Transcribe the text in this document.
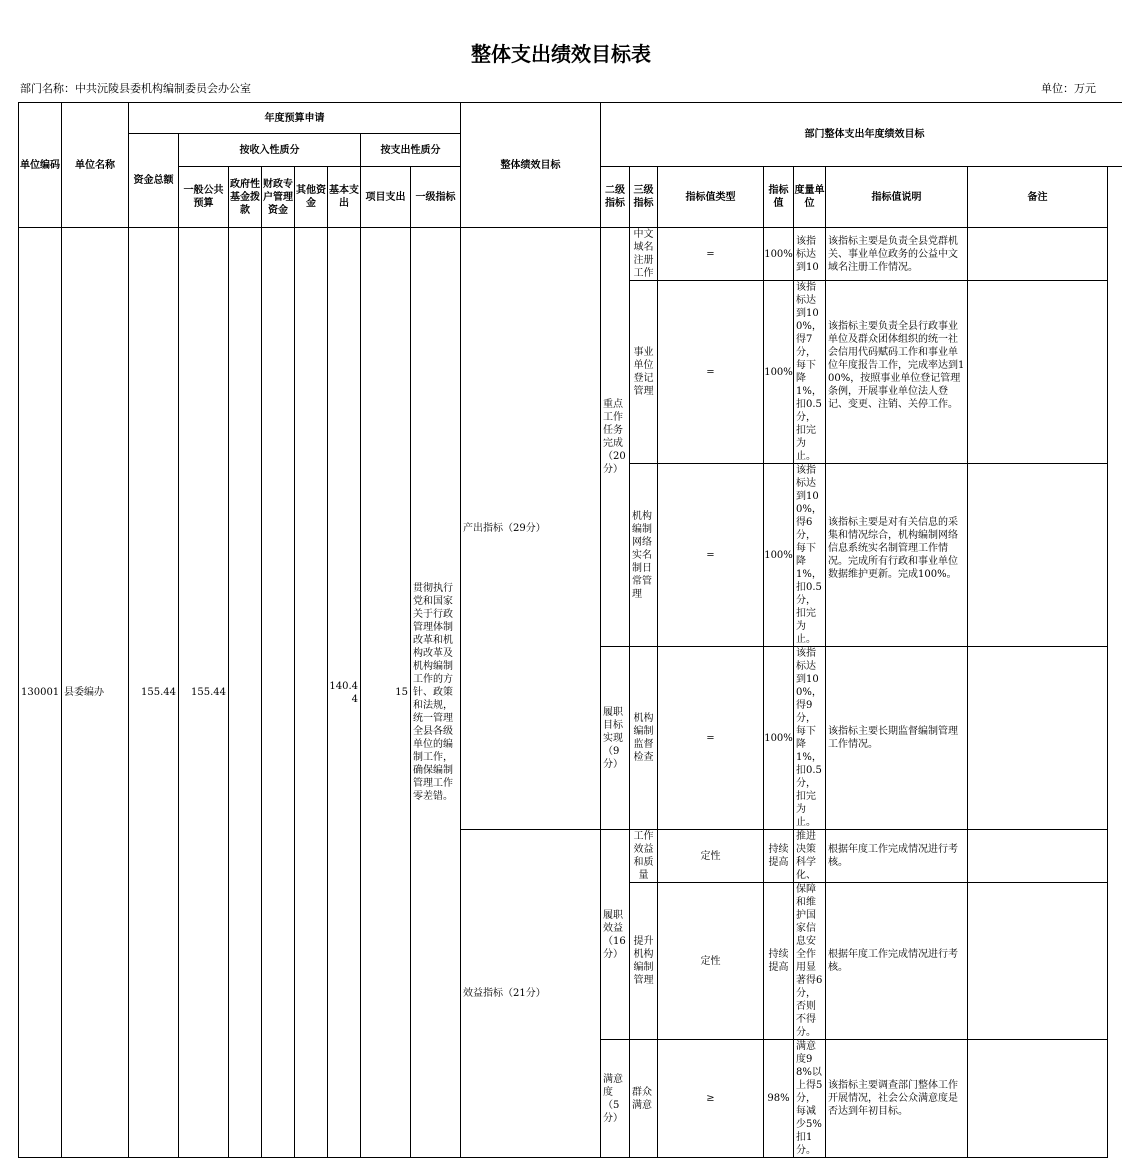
整体支出绩效目标表
部门名称：中共沅陵县委机构编制委员会办公室	单位：万元
单位编码	单位名称	年度预算申请								整体绩效目标	部门整体支出年度绩效目标						
		资金总额	按收入性质分					按支出性质分									
			一般公共预算	政府性基金拨款	财政专户管理资金	其他资金	基本支出	项目支出	一级指标		二级指标	三级指标	指标值类型	指标值	度量单位	指标值说明	备注
130001	县委编办	155.44	155.44				140.44	15	贯彻执行党和国家关于行政管理体制改革和机构改革及机构编制工作的方针、政策和法规，统一管理全县各级单位的编制工作，确保编制管理工作零差错。	产出指标（29分）	重点工作任务完成（20分）	中文域名注册工作	=	100%	该指标达到10	该指标主要是负责全县党群机关、事业单位政务的公益中文域名注册工作情况。	

												事业单位登记管理	=	100%	该指标达到100%，得7分，每下降1%，扣0.5分，扣完为止。	该指标主要负责全县行政事业单位及群众团体组织的统一社会信用代码赋码工作和事业单位年度报告工作，完成率达到100%，按照事业单位登记管理条例，开展事业单位法人登记、变更、注销、关停工作。	

												机构编制网络实名制日常管理	=	100%	该指标达到100%，得6分，每下降1%，扣0.5分，扣完为止。	该指标主要是对有关信息的采集和情况综合，机构编制网络信息系统实名制管理工作情况。完成所有行政和事业单位数据维护更新。完成100%。	

											履职目标实现（9分）	机构编制监督检查	=	100%	该指标达到100%，得9分，每下降1%，扣0.5分，扣完为止。	该指标主要长期监督编制管理工作情况。	
										效益指标（21分）	履职效益（16分）	工作效益和质量	定性	持续提高	推进决策科学化、	根据年度工作完成情况进行考核。	
												提升机构编制管理	定性	持续提高	保障和维护国家信息安全作用显著得6分，否则不得分。	根据年度工作完成情况进行考核。	
											满意度（5分）	群众满意	≥	98%	满意度98%以上得5分，每减少5%扣1分。	该指标主要调查部门整体工作开展情况，社会公众满意度是否达到年初目标。	
